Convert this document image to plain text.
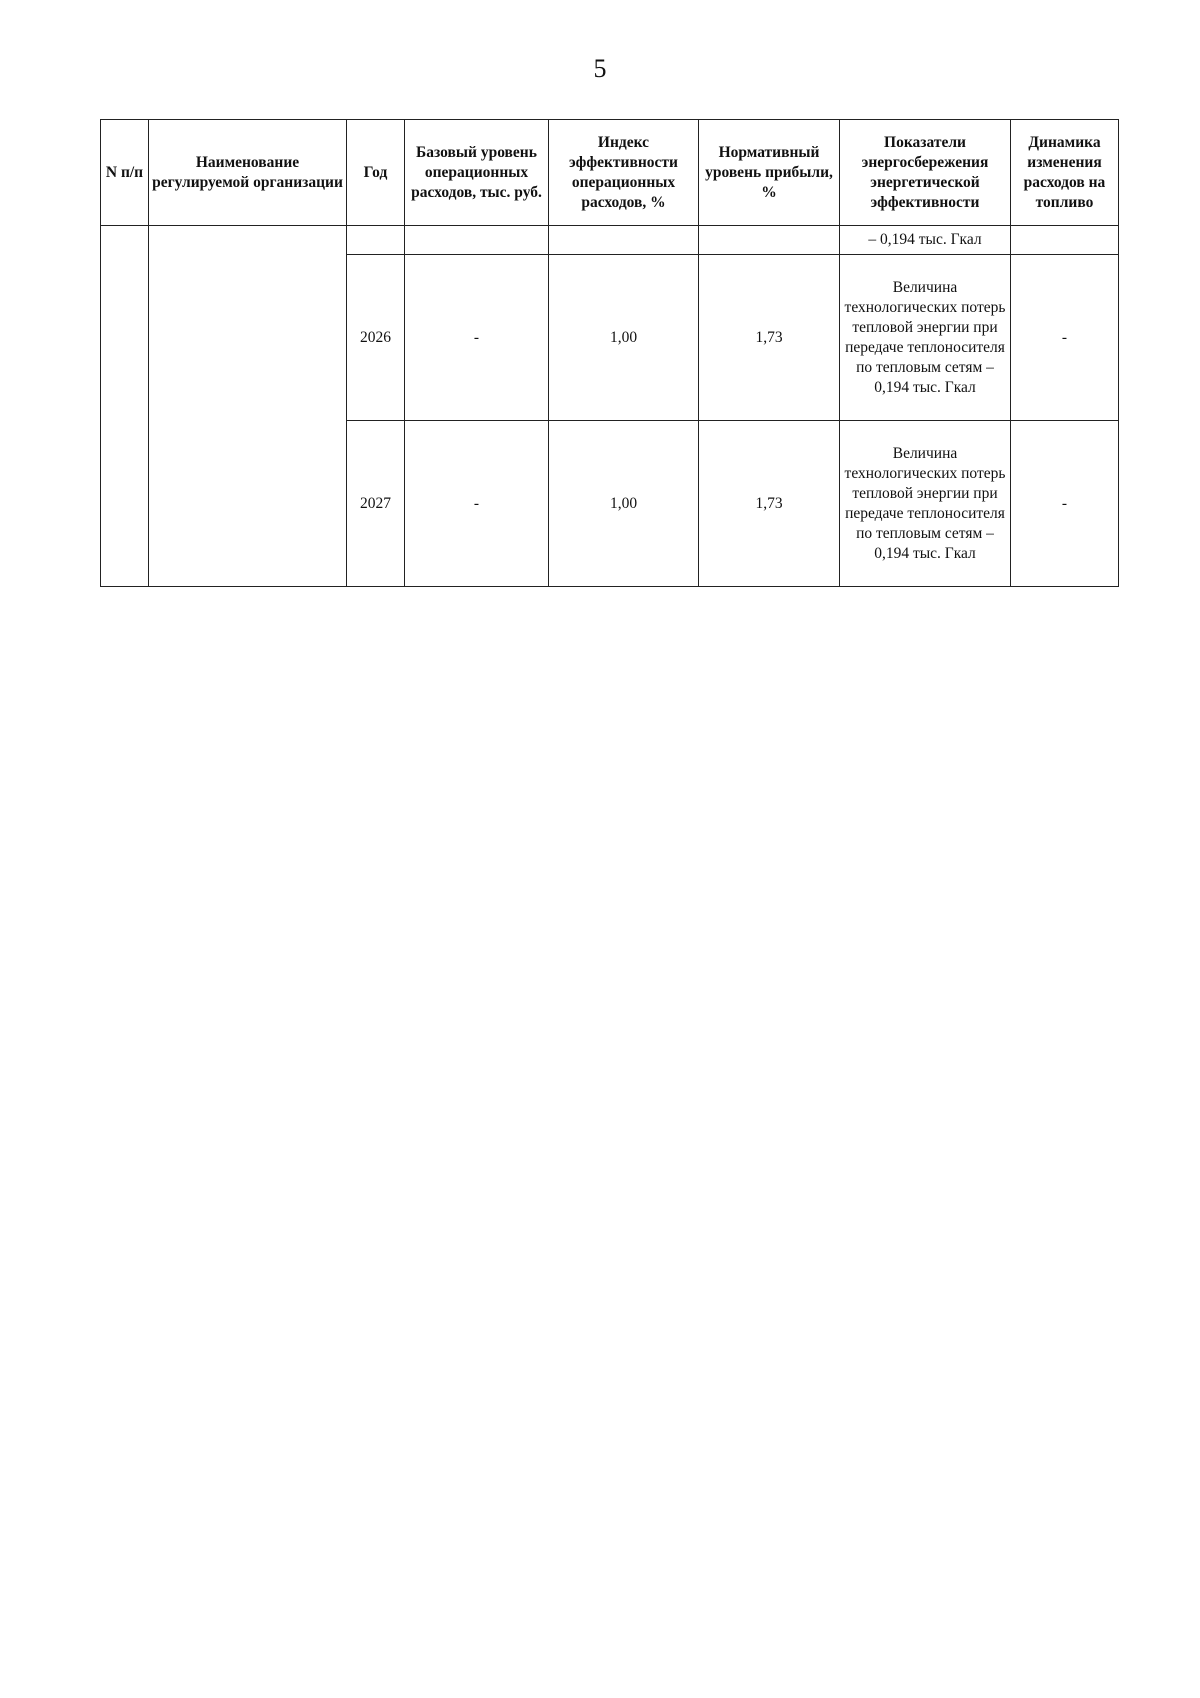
5
N п/п	Наименование регулируемой организации	Год	Базовый уровень операционных расходов, тыс. руб.	Индекс эффективности операционных расходов, %	Нормативный уровень прибыли, %	Показатели энергосбережения энергетической эффективности	Динамика изменения расходов на топливо
						– 0,194 тыс. Гкал	
		2026	-	1,00	1,73	Величина технологических потерь тепловой энергии при передаче теплоносителя по тепловым сетям – 0,194 тыс. Гкал	-
		2027	-	1,00	1,73	Величина технологических потерь тепловой энергии при передаче теплоносителя по тепловым сетям – 0,194 тыс. Гкал	-
